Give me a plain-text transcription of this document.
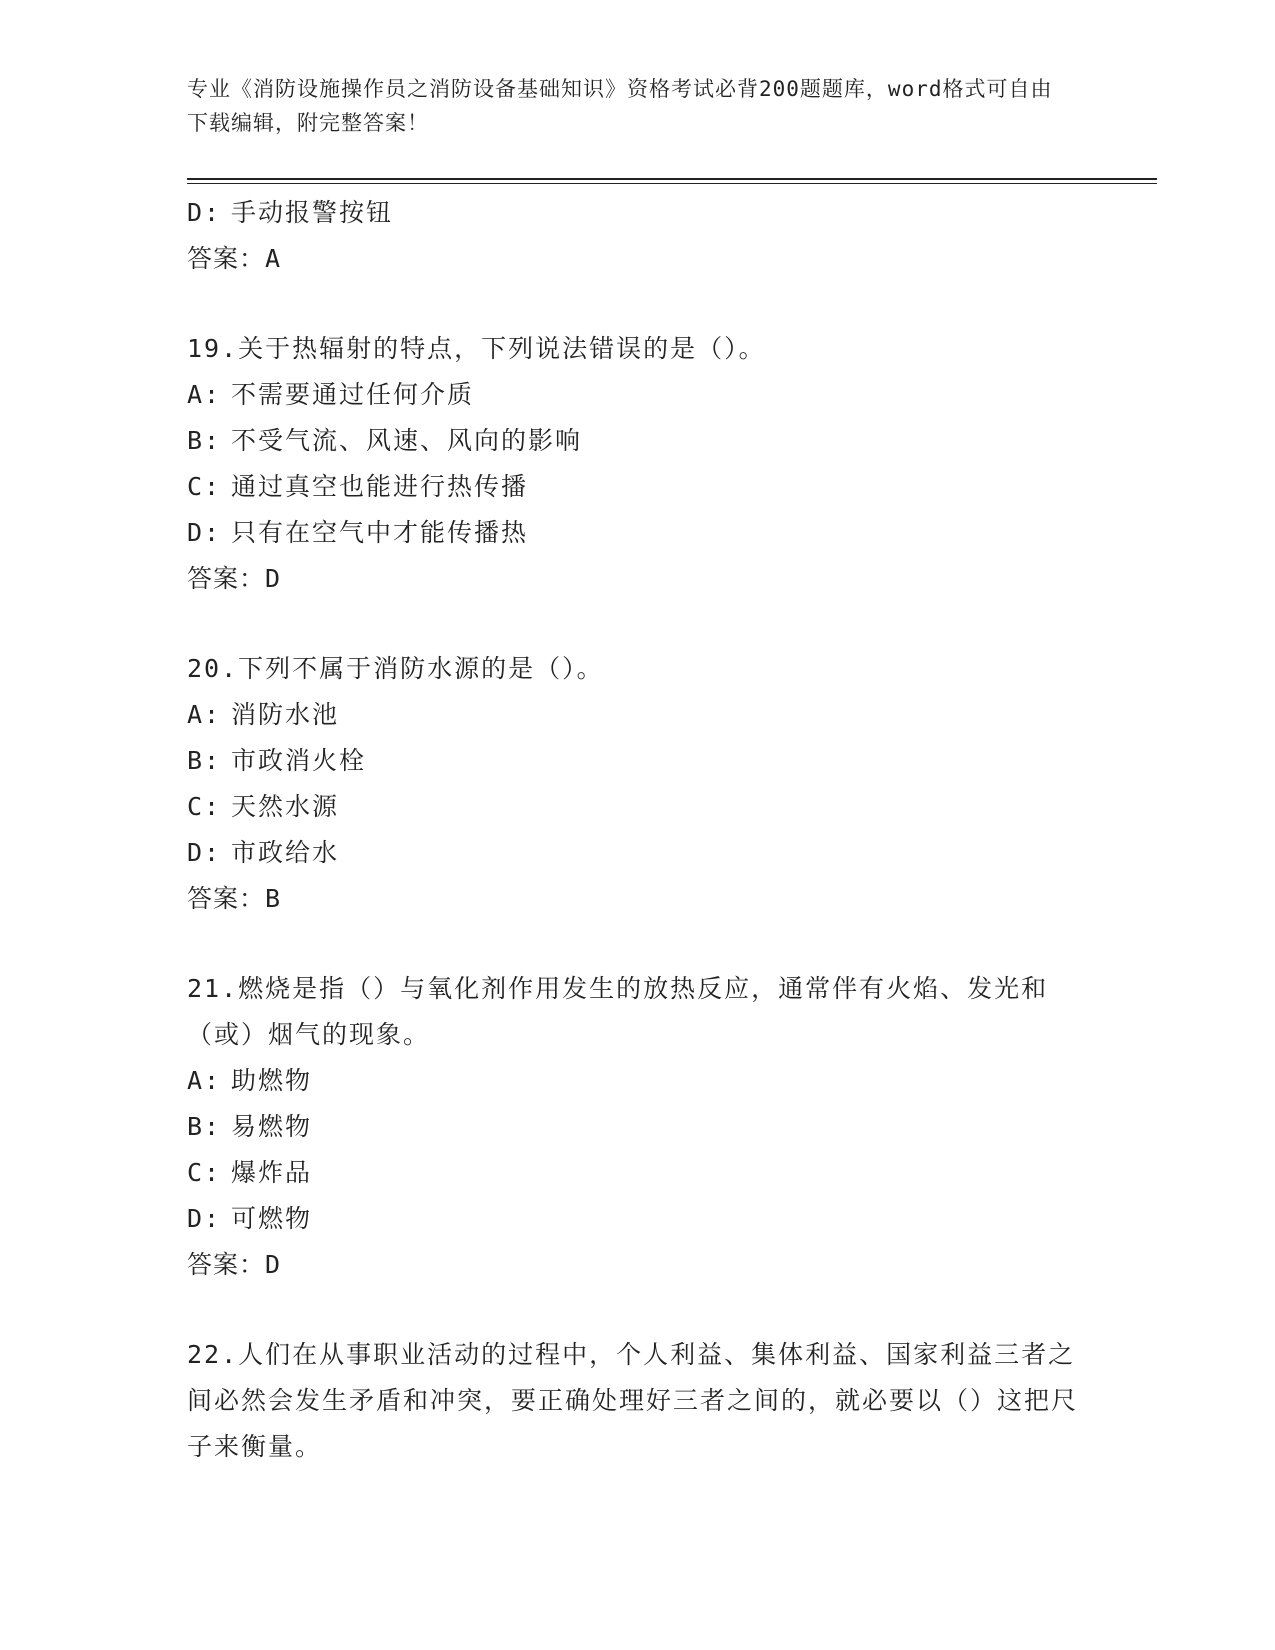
专业《消防设施操作员之消防设备基础知识》资格考试必背200题题库，word格式可自由下载编辑，附完整答案！
D: 手动报警按钮
答案：A
19.关于热辐射的特点，下列说法错误的是（）。
A: 不需要通过任何介质
B: 不受气流、风速、风向的影响
C: 通过真空也能进行热传播
D: 只有在空气中才能传播热
答案：D
20.下列不属于消防水源的是（）。
A: 消防水池
B: 市政消火栓
C: 天然水源
D: 市政给水
答案：B
21.燃烧是指（）与氧化剂作用发生的放热反应，通常伴有火焰、发光和（或）烟气的现象。
A: 助燃物
B: 易燃物
C: 爆炸品
D: 可燃物
答案：D
22.人们在从事职业活动的过程中，个人利益、集体利益、国家利益三者之间必然会发生矛盾和冲突，要正确处理好三者之间的，就必要以（）这把尺子来衡量。
